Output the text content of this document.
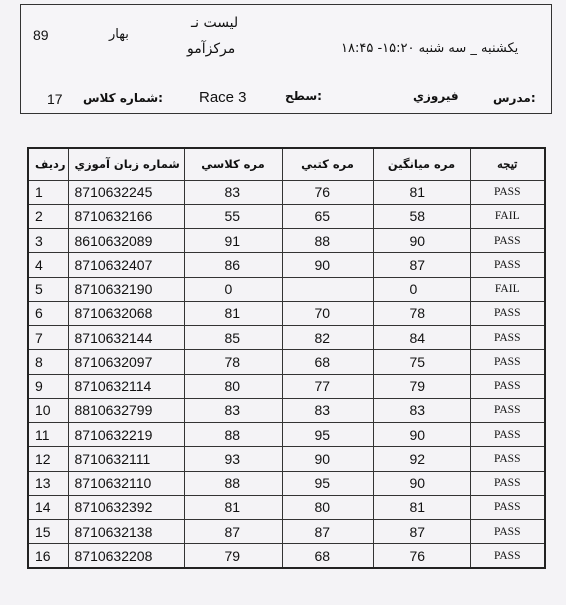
89	بهار
ليست نـ
مركزآمو	يكشنبه _ سه شنبه ۱۵:۲۰- ۱۸:۴۵
17 شماره كلاس: Race 3	سطح:	فيروزي	مدرس:
رديف	شماره زبان آموزي	مره كلاسي	مره كتبي	مره ميانگين	تيجه
1	8710632245	83	76	81	PASS
2	8710632166	55	65	58	FAIL
3	8610632089	91	88	90	PASS
4	8710632407	86	90	87	PASS
5	8710632190	0		0	FAIL
6	8710632068	81	70	78	PASS
7	8710632144	85	82	84	PASS
8	8710632097	78	68	75	PASS
9	8710632114	80	77	79	PASS
10	8810632799	83	83	83	PASS
11	8710632219	88	95	90	PASS
12	8710632111	93	90	92	PASS
13	8710632110	88	95	90	PASS
14	8710632392	81	80	81	PASS
15	8710632138	87	87	87	PASS
16	8710632208	79	68	76	PASS
